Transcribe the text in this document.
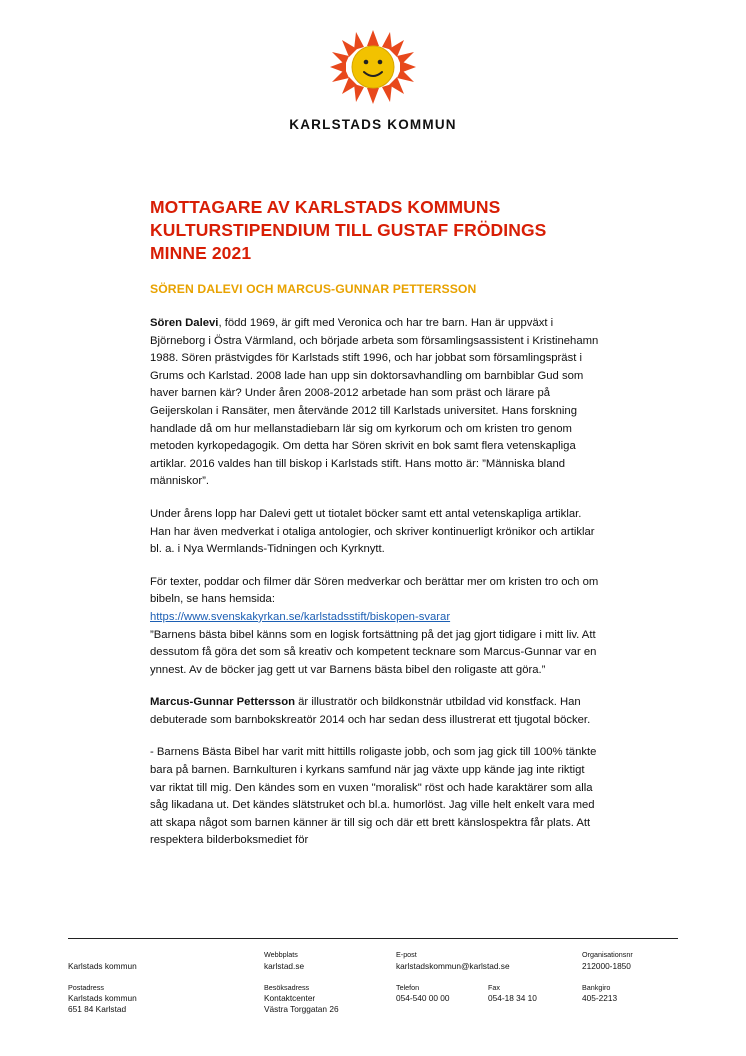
KARLSTADS KOMMUN
MOTTAGARE AV KARLSTADS KOMMUNS KULTURSTIPENDIUM TILL GUSTAF FRÖDINGS MINNE 2021
SÖREN DALEVI OCH MARCUS-GUNNAR PETTERSSON

Sören Dalevi, född 1969, är gift med Veronica och har tre barn. Han är uppväxt i Björneborg i Östra Värmland, och började arbeta som församlingsassistent i Kristinehamn 1988. Sören prästvigdes för Karlstads stift 1996, och har jobbat som församlingspräst i Grums och Karlstad. 2008 lade han upp sin doktorsavhandling om barnbiblar Gud som haver barnen kär? Under åren 2008-2012 arbetade han som präst och lärare på Geijerskolan i Ransäter, men återvände 2012 till Karlstads universitet. Hans forskning handlade då om hur mellanstadiebarn lär sig om kyrkorum och om kristen tro genom metoden kyrkopedagogik. Om detta har Sören skrivit en bok samt flera vetenskapliga artiklar. 2016 valdes han till biskop i Karlstads stift. Hans motto är: ”Människa bland människor”.

Under årens lopp har Dalevi gett ut tiotalet böcker samt ett antal vetenskapliga artiklar. Han har även medverkat i otaliga antologier, och skriver kontinuerligt krönikor och artiklar bl. a. i Nya Wermlands-Tidningen och Kyrknytt.

För texter, poddar och filmer där Sören medverkar och berättar mer om kristen tro och om bibeln, se hans hemsida:

https://www.svenskakyrkan.se/karlstadsstift/biskopen-svarar

”Barnens bästa bibel känns som en logisk fortsättning på det jag gjort tidigare i mitt liv. Att dessutom få göra det som så kreativ och kompetent tecknare som Marcus-Gunnar var en ynnest. Av de böcker jag gett ut var Barnens bästa bibel den roligaste att göra.”

Marcus-Gunnar Pettersson är illustratör och bildkonstnär utbildad vid konstfack. Han debuterade som barnbokskreatör 2014 och har sedan dess illustrerat ett tjugotal böcker.

- Barnens Bästa Bibel har varit mitt hittills roligaste jobb, och som jag gick till 100% tänkte bara på barnen. Barnkulturen i kyrkans samfund när jag växte upp kände jag inte riktigt var riktat till mig. Den kändes som en vuxen "moralisk" röst och hade karaktärer som alla såg likadana ut. Det kändes slätstruket och bl.a. humorlöst. Jag ville helt enkelt vara med att skapa något som barnen känner är till sig och där ett brett känslospektra får plats. Att respektera bilderboksmediet för

Karlstads kommun
Webbplats
karlstad.se
E-post
karlstadskommun@karlstad.se
Organisationsnr
212000-1850
Postadress
Karlstads kommun
651 84 Karlstad
Besöksadress
Kontaktcenter
Västra Torggatan 26
Telefon
054-540 00 00
Fax
054-18 34 10
Bankgiro
405-2213
